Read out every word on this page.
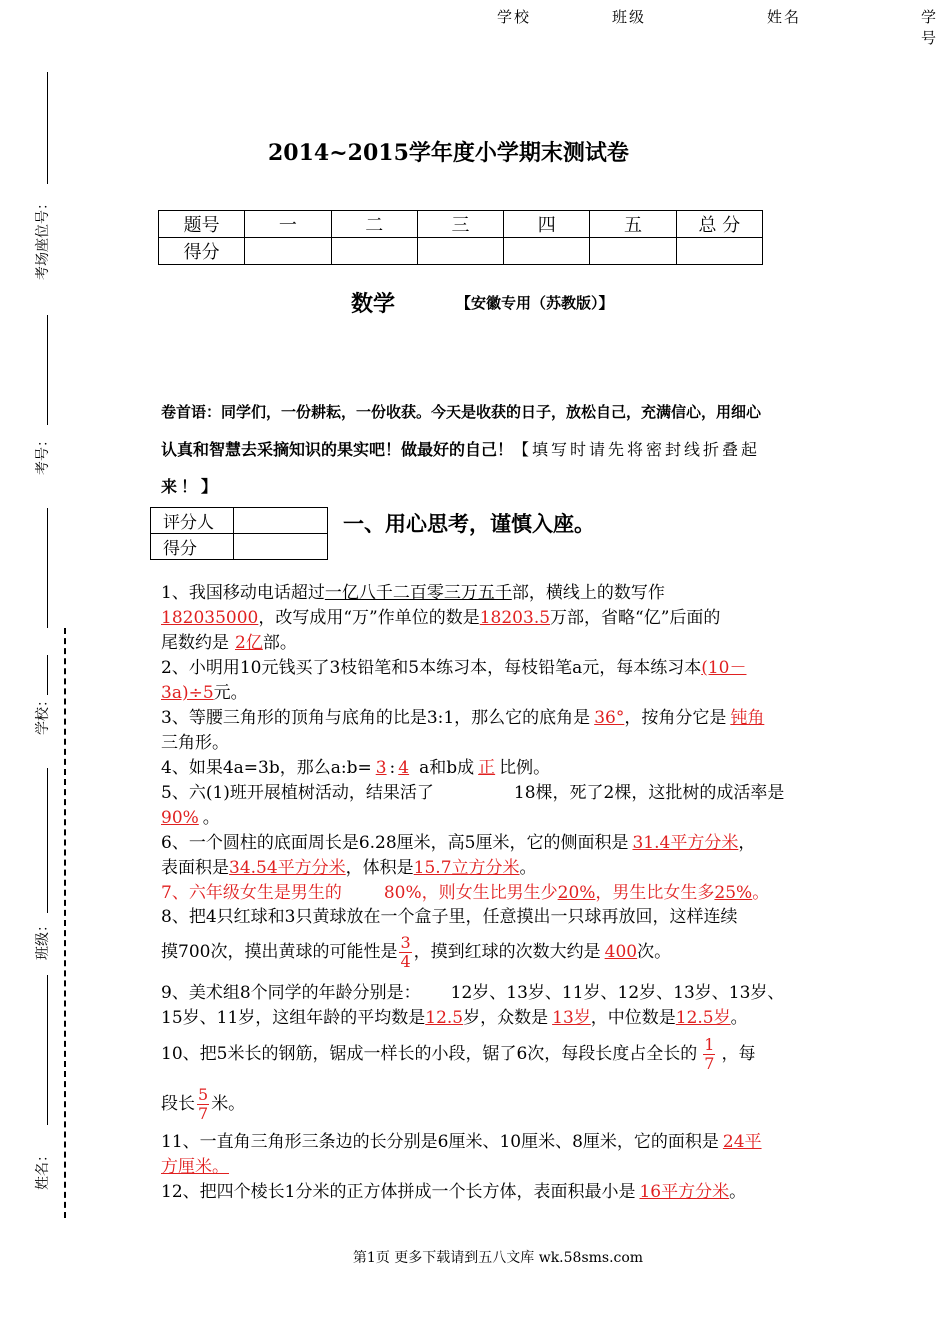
学校	班级	姓名	学号
考场座位号：
考号：
学校：
班级：
姓名：
2014~2015学年度小学期末测试卷
题号	一	二	三	四	五	总 分
得分						
数学	【安徽专用（苏教版）】
卷首语：同学们，一份耕耘，一份收获。今天是收获的日子，放松自己，充满信心，用细心
认真和智慧去采摘知识的果实吧！做最好的自己！【填写时请先将密封线折叠起
来！】
评分人	
得分	
一、用心思考，谨慎入座。
1、我国移动电话超过一亿八千二百零三万五千部，横线上的数写作
182035000，改写成用“万”作单位的数是18203.5万部，省略“亿”后面的
尾数约是 2亿部。
2、小明用10元钱买了3枝铅笔和5本练习本，每枝铅笔a元，每本练习本(10－
3a)÷5元。
3、等腰三角形的顶角与底角的比是3:1，那么它的底角是 36°，按角分它是 钝角
三角形。
4、如果4a=3b，那么a:b= 3 : 4 a和b成 正 比例。
5、六(1)班开展植树活动，结果活了	18棵，死了2棵，这批树的成活率是
90% 。
6、一个圆柱的底面周长是6.28厘米，高5厘米，它的侧面积是 31.4平方分米，
表面积是34.54平方分米，体积是15.7立方分米。
7、六年级女生是男生的 80%，则女生比男生少20%，男生比女生多25%。
8、把4只红球和3只黄球放在一个盒子里，任意摸出一只球再放回，这样连续
摸700次，摸出黄球的可能性是 $\frac{3}{4}$ ，摸到红球的次数大约是 400次。
9、美术组8个同学的年龄分别是： 12岁、13岁、11岁、12岁、13岁、13岁、
15岁、11岁，这组年龄的平均数是12.5岁，众数是 13岁，中位数是12.5岁。
10、把5米长的钢筋，锯成一样长的小段，锯了6次，每段长度占全长的 $\frac{1}{7}$ ，每
段长 $\frac{5}{7}$ 米。
11、一直角三角形三条边的长分别是6厘米、10厘米、8厘米，它的面积是 24平
方厘米。
12、把四个棱长1分米的正方体拼成一个长方体，表面积最小是 16平方分米。
第1页 更多下载请到五八文库 wk.58sms.com
